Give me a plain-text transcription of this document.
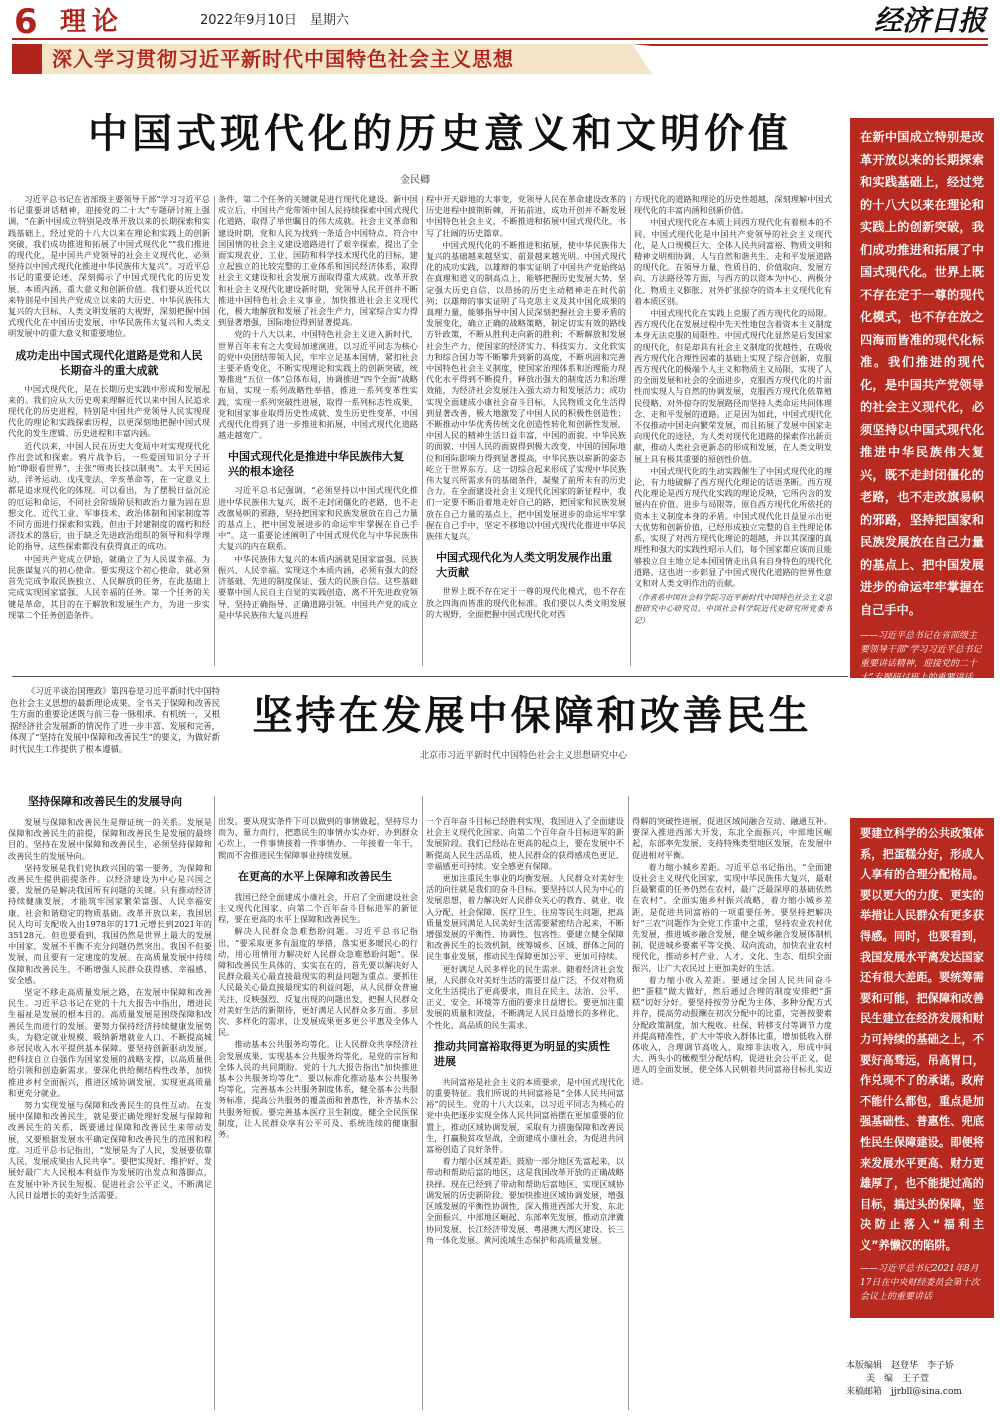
6 理论	2022年9月10日　星期六	经济日报
深入学习贯彻习近平新时代中国特色社会主义思想
中国式现代化的历史意义和文明价值
金民卿

习近平总书记在省部级主要领导干部“学习习近平总书记重要讲话精神，迎接党的二十大”专题研讨班上强调，“在新中国成立特别是改革开放以来的长期探索和实践基础上，经过党的十八大以来在理论和实践上的创新突破，我们成功推进和拓展了中国式现代化”“我们推进的现代化，是中国共产党领导的社会主义现代化，必须坚持以中国式现代化推进中华民族伟大复兴”。习近平总书记的重要论述，深刻揭示了中国式现代化的历史发展、本质内涵、重大意义和创新价值。我们要从近代以来特别是中国共产党成立以来的大历史、中华民族伟大复兴的大目标、人类文明发展的大视野，深刻把握中国式现代化在中国历史发展、中华民族伟大复兴和人类文明发展中的重大意义和重要地位。

成功走出中国式现代化道路是党和人民长期奋斗的重大成就

中国式现代化，是在长期历史实践中形成和发展起来的。我们应从大历史观来理解近代以来中国人民追求现代化的历史进程，特别是中国共产党领导人民实现现代化的理论和实践探索历程，以更深刻地把握中国式现代化的发生逻辑、历史进程和丰富内涵。

近代以来，中国人民在历史大变局中对实现现代化作出尝试和探索。鸦片战争后，一些爱国知识分子开始“睁眼看世界”，主张“师夷长技以制夷”。太平天国运动、洋务运动、戊戌变法、辛亥革命等，在一定意义上都是追求现代化的体现。可以看出，为了摆脱日益沉沦的厄运和命运，不同社会阶级阶层和政治力量为固在思想文化、近代工业、军事技术、政治体制和国家制度等不同方面进行探索和实践，但由于封建制度的腐朽和经济技术的落后，由于缺乏先进政治组织的领导和科学理论的指导，这些探索都没有获得真正的成功。

中国共产党成立伊始，就确立了为人民谋幸福、为民族谋复兴的初心使命。要实现这个初心使命，就必须首先完成争取民族独立、人民解放的任务，在此基础上完成实现国家富强、人民幸福的任务。第一个任务的关键是革命，其目的在于解放和发展生产力，为进一步实现第二个任务创造条件。

条件，第二个任务的关键就是进行现代化建设。新中国成立后，中国共产党带领中国人民持续探索中国式现代化道路，取得了举世瞩目的伟大成就。社会主义革命和建设时期，党和人民为找到一条适合中国特点、符合中国国情的社会主义建设道路进行了艰辛探索，提出了全面实现农业、工业、国防和科学技术现代化的目标，建立起独立的比较完整的工业体系和国民经济体系，取得社会主义建设和社会发展方面取得重大成就。改革开放和社会主义现代化建设新时期，党领导人民开创并不断推进中国特色社会主义事业，加快推进社会主义现代化，极大地解放和发展了社会生产力，国家综合实力得到显著增强，国际地位得到显著提高。

党的十八大以来，中国特色社会主义进入新时代，世界百年未有之大变局加速演进，以习近平同志为核心的党中央团结带领人民，牢牢立足基本国情，紧扣社会主要矛盾变化，不断实现理论和实践上的创新突破，统筹推进“五位一体”总体布局，协调推进“四个全面”战略布局，实现一系列战略性举措，推进一系列变革性实践，实现一系列突破性进展，取得一系列标志性成果，党和国家事业取得历史性成就、发生历史性变革，中国式现代化得到了进一步推进和拓展，中国式现代化道路越走越宽广。

中国式现代化是推进中华民族伟大复兴的根本途径

习近平总书记强调，“必须坚持以中国式现代化推进中华民族伟大复兴，既不走封闭僵化的老路，也不走改旗易帜的邪路，坚持把国家和民族发展放在自己力量的基点上，把中国发展进步的命运牢牢掌握在自己手中”。这一重要论述阐明了中国式现代化与中华民族伟大复兴的内在联系。

中华民族伟大复兴的本质内涵就是国家富强、民族振兴、人民幸福。实现这个本质内涵，必须有强大的经济基础、先进的制度保证、强大的民族自信。这些基础要靠中国人民自主自觉的实践创造，离不开先进政党领导、坚持正确指导、正确道路引领。中国共产党的成立是中华民族伟大复兴进程

程中开天辟地的大事变，党领导人民在革命建设改革的历史进程中披荆斩棘，开拓前进，成功开创并不断发展中国特色社会主义，不断推进和拓展中国式现代化，书写了壮阔的历史篇章。

中国式现代化的不断推进和拓展，使中华民族伟大复兴的基础越来越坚实、前景越来越光明。中国式现代化的成功实践，以雄辩的事实证明了中国共产党始终站在真理和道义的制高点上，能够把握历史发展大势，坚定强大历史自信，以昂扬的历史主动精神走在时代前列；以雄辩的事实证明了马克思主义及其中国化成果的真理力量，能够指导中国人民深刻把握社会主要矛盾的发展变化，确立正确的战略策略，制定切实有效的路线方针政策，不断从胜利走向新的胜利；不断解放和发展社会生产力，使国家的经济实力、科技实力、文化软实力和综合国力等不断攀升到新的高度，不断巩固和完善中国特色社会主义制度，使国家治理体系和治理能力现代化水平得到不断提升，释放出强大的制度活力和治理效能，为经济社会发展注入强大动力和发展活力；成功实现全面建成小康社会奋斗目标，人民物质文化生活得到显著改善，极大地激发了中国人民的积极性创造性；不断推动中华优秀传统文化创造性转化和创新性发展，中国人民的精神生活日益丰富，中国的面貌、中华民族的面貌、中国人民的面貌得到极大改变，中国的国际地位和国际影响力得到显著提高，中华民族以崭新的姿态屹立于世界东方。这一切综合起来形成了实现中华民族伟大复兴所需求有的基础条件，凝聚了前所未有的历史合力。在全面建设社会主义现代化国家的新征程中，我们一定要不断沿着地走好自己的路，把国家和民族发展放在自己力量的基点上，把中国发展进步的命运牢牢掌握在自己手中，坚定不移地以中国式现代化推进中华民族伟大复兴。

中国式现代化为人类文明发展作出重大贡献

世界上既不存在定于一尊的现代化模式，也不存在放之四海而皆准的现代化标准。我们要以人类文明发展的大视野，全面把握中国式现代化对西

方现代化的道路和理论的历史性超越，深刻理解中国式现代化的丰富内涵和创新价值。

中国式现代化在本质上同西方现代化有着根本的不同。中国式现代化是中国共产党领导的社会主义现代化，是人口规模巨大、全体人民共同富裕、物质文明和精神文明相协调、人与自然和谐共生、走和平发展道路的现代化。在领导力量、性质目的、价值取向、发展方向、方法路径等方面，与西方的以资本为中心、两极分化、物质主义膨胀、对外扩张掠夺的资本主义现代化有着本质区别。

中国式现代化在实践上克服了西方现代化的局限。西方现代化在发展过程中先天性地包含着资本主义制度本身无法克服的局限性。中国式现代化显然是后发国家的现代化，但是却具有社会主义制度的优越性，在吸收西方现代化合理性因素的基础上实现了综合创新，克服西方现代化的极端个人主义和物质主义局限，实现了人的全面发展和社会的全面进步，克服西方现代化的片面性而实现人与自然的协调发展，克服西方现代化依靠殖民侵略、对外掠夺的发展路径而坚持人类命运共同体理念、走和平发展的道路。正是因为如此，中国式现代化不仅推动中国走向繁荣发展，而且拓展了发展中国家走向现代化的途径，为人类对现代化道路的探索作出新贡献，推动人类社会更新态的形成和发展，在人类文明发展上具有极其重要的原创性价值。

中国式现代化的生动实践催生了中国式现代化的理论，有力地破解了西方现代化理论的话语垄断。西方现代化理论是西方现代化实践的理论反映，它所内含的发展内在价值、进步与局限等，原自西方现代化所依托的资本主义制度本身的矛盾。中国式现代化日益显示出更大优势和创新价值，已经形成独立完整的自主性理论体系，实现了对西方现代化理论的超越，并以其深邃的真理性和强大的实践性昭示人们，每个国家都应该而且能够独立自主地立足本国国情走出具有自身特色的现代化道路。这也进一步彰显了中国式现代化道路的世界性意义和对人类文明作出的贡献。

（作者系中国社会科学院习近平新时代中国特色社会主义思想研究中心研究员、中国社会科学院近代史研究所党委书记）

在新中国成立特别是改革开放以来的长期探索和实践基础上，经过党的十八大以来在理论和实践上的创新突破，我们成功推进和拓展了中国式现代化。世界上既不存在定于一尊的现代化模式，也不存在放之四海而皆准的现代化标准。我们推进的现代化，是中国共产党领导的社会主义现代化，必须坚持以中国式现代化推进中华民族伟大复兴，既不走封闭僵化的老路，也不走改旗易帜的邪路，坚持把国家和民族发展放在自己力量的基点上、把中国发展进步的命运牢牢掌握在自己手中。
——习近平总书记在省部级主要领导干部“学习习近平总书记重要讲话精神，迎接党的二十大”专题研讨班上的重要讲话

《习近平谈治国理政》第四卷是习近平新时代中国特色社会主义思想的最新理论成果。全书关于保障和改善民生方面的重要论述既与前三卷一脉相承、有机统一，又根据经济社会发展新的情况作了进一步丰富、发展和完善，体现了“坚持在发展中保障和改善民生”的要义，为做好新时代民生工作提供了根本遵循。

坚持在发展中保障和改善民生
北京市习近平新时代中国特色社会主义思想研究中心
坚持保障和改善民生的发展导向

发展与保障和改善民生是辩证统一的关系。发展是保障和改善民生的前提，保障和改善民生是发展的最终目的。坚持在发展中保障和改善民生，必须坚持保障和改善民生的发展导向。

坚持发展是我们党执政兴国的第一要务，为保障和改善民生提供前提条件。以经济建设为中心是兴国之要，发展仍是解决我国所有问题的关键。只有推动经济持续健康发展，才能筑牢国家繁荣富强、人民幸福安康、社会和谐稳定的物质基础。改革开放以来，我国居民人均可支配收入由1978年的171元增长到2021年的35128元。但也要看到，我国仍然是世界上最大的发展中国家，发展不平衡不充分问题仍然突出。我国不但要发展，而且要有一定速度的发展。在高质量发展中持续保障和改善民生，不断增强人民群众获得感、幸福感、安全感。

坚定不移走高质量发展之路，在发展中保障和改善民生。习近平总书记在党的十九大报告中指出，增进民生福祉是发展的根本目的。高质量发展是围绕保障和改善民生而进行的发展。要努力保持经济持续健康发展势头，为稳定就业规模、吸纳新增就业人口、不断提高城乡居民收入水平提供基本保障。要坚持创新驱动发展，把科技自立自强作为国家发展的战略支撑，以高质量供给引领和创造新需求。要深化供给侧结构性改革，加快推进乡村全面振兴，推进区域协调发展，实现更高质量和更充分就业。

努力实现发展与保障和改善民生的良性互动。在发展中保障和改善民生，就是要正确处理好发展与保障和改善民生的关系，既要通过保障和改善民生来带动发展，又要根据发展水平确定保障和改善民生的范围和程度。习近平总书记指出，“发展是为了人民，发展要依靠人民，发展成果由人民共享”。要把实现好、维护好、发展好最广大人民根本利益作为发展的出发点和落脚点，在发展中补齐民生短板、促进社会公平正义，不断满足人民日益增长的美好生活需要。

出发。要从现实条件下可以做到的事情做起，坚持尽力而为、量力而行，把惠民生的事情办实办好、办到群众心坎上，一件事情接着一件事情办、一年接着一年干，锲而不舍推进民生保障事业持续发展。

在更高的水平上保障和改善民生

我国已经全面建成小康社会，开启了全面建设社会主义现代化国家、向第二个百年奋斗目标进军的新征程，要在更高的水平上保障和改善民生。

解决人民群众急难愁盼问题。习近平总书记指出，“要采取更多有温度的举措，落实更多暖民心的行动，用心用情用力解决好人民群众急难愁盼问题”。保障和改善民生具体的、实实在在的，首先要以解决好人民群众最关心最直接最现实的利益问题为重点。要抓住人民最关心最直接最现实的利益问题，从人民群众普遍关注、反映强烈、反复出现的问题出发，把握人民群众对美好生活的新期待，更好满足人民群众多方面、多层次、多样化的需求，让发展成果更多更公平惠及全体人民。

推动基本公共服务均等化。让人民群众共享经济社会发展成果，实现基本公共服务均等化，是党的宗旨和全体人民的共同期盼。党的十九大报告指出“加快推进基本公共服务均等化”。要以标准化推动基本公共服务均等化，完善基本公共服务制度体系，健全基本公共服务标准，提高公共服务的覆盖面和普惠性，补齐基本公共服务短板。要完善基本医疗卫生制度，健全全民医保制度，让人民群众享有公平可及、系统连续的健康服务。

一个百年奋斗目标已经胜利实现，我国进入了全面建设社会主义现代化国家、向第二个百年奋斗目标进军的新发展阶段。我们已经站在更高的起点上，要在发展中不断提高人民生活品质，使人民群众的获得感成色更足、幸福感更可持续、安全感更有保障。

更加注重民生事业的均衡发展。人民群众对美好生活的向往就是我们的奋斗目标。要坚持以人民为中心的发展思想，着力解决好人民群众关心的教育、就业、收入分配、社会保障、医疗卫生、住房等民生问题，把高质量发展同满足人民美好生活需要紧密结合起来，不断增强发展的平衡性、协调性、包容性。要建立健全保障和改善民生的长效机制，统筹城乡、区域、群体之间的民生事业发展，推动民生保障更加公平、更加可持续。

更好满足人民多样化的民生需求。随着经济社会发展，人民群众对美好生活的需要日益广泛，不仅对物质文化生活提出了更高要求，而且在民主、法治、公平、正义、安全、环境等方面的要求日益增长。要更加注重发展的质量和效益，不断满足人民日益增长的多样化、个性化、高品质的民生需求。

推动共同富裕取得更为明显的实质性进展

共同富裕是社会主义的本质要求，是中国式现代化的重要特征。我们所说的共同富裕是“全体人民共同富裕”的民生。党的十八大以来，以习近平同志为核心的党中央把逐步实现全体人民共同富裕摆在更加重要的位置上，推动区域协调发展，采取有力措施保障和改善民生，打赢脱贫攻坚战，全面建成小康社会，为促进共同富裕创造了良好条件。

着力缩小区域差距。鼓励一部分地区先富起来，以带动和帮助后富的地区，这是我国改革开放的正确战略抉择。现在已经到了带动和帮助后富地区、实现区域协调发展的历史新阶段。要加快推进区域协调发展，增强区域发展的平衡性协调性，深入推进西部大开发、东北全面振兴、中部地区崛起、东部率先发展，推动京津冀协同发展、长江经济带发展、粤港澳大湾区建设、长三角一体化发展、黄河流域生态保护和高质量发展。

得解的突破性进展，促进区域间融合互动、融通互补。要深入推进西部大开发，东北全面振兴，中部地区崛起，东部率先发展，支持特殊类型地区发展，在发展中促进相对平衡。

着力缩小城乡差距。习近平总书记指出，“全面建设社会主义现代化国家，实现中华民族伟大复兴，最艰巨最繁重的任务仍然在农村，最广泛最深厚的基础依然在农村”。全面实施乡村振兴战略，着力缩小城乡差距，是促进共同富裕的一项重要任务。要坚持把解决好“三农”问题作为全党工作重中之重，坚持农业农村优先发展，推进城乡融合发展，健全城乡融合发展体制机制，促进城乡要素平等交换、双向流动，加快农业农村现代化，推动乡村产业、人才、文化、生态、组织全面振兴，让广大农民过上更加美好的生活。

着力缩小收入差距。要通过全国人民共同奋斗把“蛋糕”做大做好，然后通过合理的制度安排把“蛋糕”切好分好。要坚持按劳分配为主体、多种分配方式并存，提高劳动报酬在初次分配中的比重，完善按要素分配政策制度，加大税收、社保、转移支付等调节力度并提高精准性，扩大中等收入群体比重，增加低收入群体收入，合理调节高收入，取缔非法收入，形成中间大、两头小的橄榄型分配结构，促进社会公平正义，促进人的全面发展，使全体人民朝着共同富裕目标扎实迈进。

要建立科学的公共政策体系，把蛋糕分好，形成人人享有的合理分配格局。要以更大的力度、更实的举措让人民群众有更多获得感。同时，也要看到，我国发展水平离发达国家还有很大差距。要统筹需要和可能，把保障和改善民生建立在经济发展和财力可持续的基础之上，不要好高骛远，吊高胃口，作兑现不了的承诺。政府不能什么都包，重点是加强基础性、普惠性、兜底性民生保障建设。即便将来发展水平更高、财力更雄厚了，也不能提过高的目标，搞过头的保障，坚决防止落入“福利主义”养懒汉的陷阱。
——习近平总书记2021年8月17日在中央财经委员会第十次会议上的重要讲话
本版编辑　赵登华　李子娇
美　编　王子萱
来稿邮箱　jjrbll@sina.com
